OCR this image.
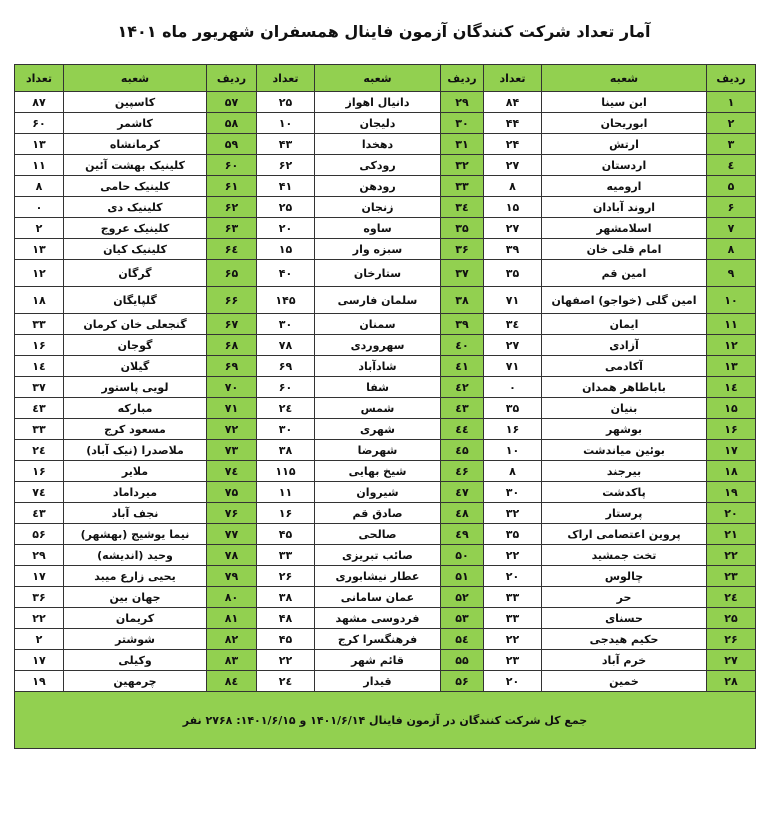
آمار تعداد شرکت کنندگان آزمون فاینال همسفران شهریور ماه ۱۴۰۱
ردیف	شعبه	تعداد	ردیف	شعبه	تعداد	ردیف	شعبه	تعداد
۱	ابن سینا	۸۴	۲۹	دانیال اهواز	۲۵	۵۷	کاسپین	۸۷
۲	ابوریحان	۴۴	۳۰	دلیجان	۱۰	۵۸	کاشمر	۶۰
۳	ارتش	۲۴	۳۱	دهخدا	۴۳	۵۹	کرمانشاه	۱۳
٤	اردستان	۲۷	۳۲	رودکی	۶۲	۶۰	کلینیک بهشت آئین	۱۱
۵	ارومیه	۸	۳۳	رودهن	۴۱	۶۱	کلینیک حامی	۸
۶	اروند آبادان	۱۵	۳٤	زنجان	۲۵	۶۲	کلینیک دی	۰
۷	اسلامشهر	۲۷	۳۵	ساوه	۲۰	۶۳	کلینیک عروج	۲
۸	امام قلی خان	۳۹	۳۶	سبزه وار	۱۵	۶٤	کلینیک کیان	۱۳
۹	امین قم	۳۵	۳۷	ستارخان	۴۰	۶۵	گرگان	۱۲
۱۰	امین گلی (خواجو) اصفهان	۷۱	۳۸	سلمان فارسی	۱۴۵	۶۶	گلپایگان	۱۸
۱۱	ایمان	۳٤	۳۹	سمنان	۳۰	۶۷	گنجعلی خان کرمان	۳۳
۱۲	آزادی	۲۷	٤۰	سهروردی	۷۸	۶۸	گوجان	۱۶
۱۳	آکادمی	۷۱	٤۱	شادآباد	۶۹	۶۹	گیلان	۱٤
۱٤	باباطاهر همدان	۰	٤۲	شفا	۶۰	۷۰	لویی پاستور	۳۷
۱۵	بنیان	۳۵	٤۳	شمس	۲٤	۷۱	مبارکه	٤۳
۱۶	بوشهر	۱۶	٤٤	شهری	۳۰	۷۲	مسعود کرج	۳۳
۱۷	بوئین میاندشت	۱۰	٤۵	شهرضا	۳۸	۷۳	ملاصدرا (نیک آباد)	۲٤
۱۸	بیرجند	۸	٤۶	شیخ بهایی	۱۱۵	۷٤	ملایر	۱۶
۱۹	پاکدشت	۳۰	٤۷	شیروان	۱۱	۷۵	میرداماد	۷٤
۲۰	پرستار	۳۲	٤۸	صادق قم	۱۶	۷۶	نجف آباد	٤۳
۲۱	پروین اعتصامی اراک	۳۵	٤۹	صالحی	۴۵	۷۷	نیما یوشیج (بهشهر)	۵۶
۲۲	تخت جمشید	۲۲	۵۰	صائب تبریزی	۳۳	۷۸	وحید (اندیشه)	۲۹
۲۳	چالوس	۲۰	۵۱	عطار نیشابوری	۲۶	۷۹	یحیی زارع میبد	۱۷
۲٤	حر	۳۳	۵۲	عمان سامانی	۳۸	۸۰	جهان بین	۳۶
۲۵	حسنای	۳۳	۵۳	فردوسی مشهد	۴۸	۸۱	کریمان	۲۲
۲۶	حکیم هیدجی	۲۲	۵٤	فرهنگسرا کرج	۴۵	۸۲	شوشتر	۲
۲۷	خرم آباد	۲۳	۵۵	قائم شهر	۲۲	۸۳	وکیلی	۱۷
۲۸	خمین	۲۰	۵۶	قیدار	۲٤	۸٤	چرمهین	۱۹
جمع کل شرکت کنندگان در آزمون فاینال ۱۴۰۱/۶/۱۴ و ۱۴۰۱/۶/۱۵: ۲۷۶۸ نفر								
